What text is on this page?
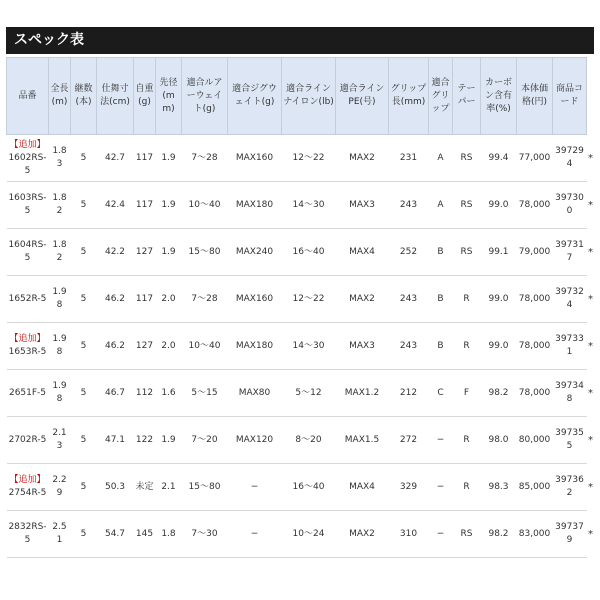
スペック表
品番	全長(m)	継数(本)	仕舞寸法(cm)	自重(g)	先径(mm)	適合ルアーウェイト(g)	適合ジグウェイト(g)	適合ラインナイロン(lb)	適合ラインPE(号)	グリップ長(mm)	適合グリップ	テーパー	カーボン含有率(%)	本体価格(円)	商品コード	

【追加】
1602RS-5	1.83	5	42.7	117	1.9	7〜28	MAX160	12〜22	MAX2	231	A	RS	99.4	77,000	397294	*
1603RS-5	1.82	5	42.4	117	1.9	10〜40	MAX180	14〜30	MAX3	243	A	RS	99.0	78,000	397300	*
1604RS-5	1.82	5	42.2	127	1.9	15〜80	MAX240	16〜40	MAX4	252	B	RS	99.1	79,000	397317	*
1652R-5	1.98	5	46.2	117	2.0	7〜28	MAX160	12〜22	MAX2	243	B	R	99.0	78,000	397324	*

【追加】
1653R-5	1.98	5	46.2	127	2.0	10〜40	MAX180	14〜30	MAX3	243	B	R	99.0	78,000	397331	*
2651F-5	1.98	5	46.7	112	1.6	5〜15	MAX80	5〜12	MAX1.2	212	C	F	98.2	78,000	397348	*
2702R-5	2.13	5	47.1	122	1.9	7〜20	MAX120	8〜20	MAX1.5	272	−	R	98.0	80,000	397355	*

【追加】
2754R-5	2.29	5	50.3	未定	2.1	15〜80	−	16〜40	MAX4	329	−	R	98.3	85,000	397362	*
2832RS-5	2.51	5	54.7	145	1.8	7〜30	−	10〜24	MAX2	310	−	RS	98.2	83,000	397379	*
